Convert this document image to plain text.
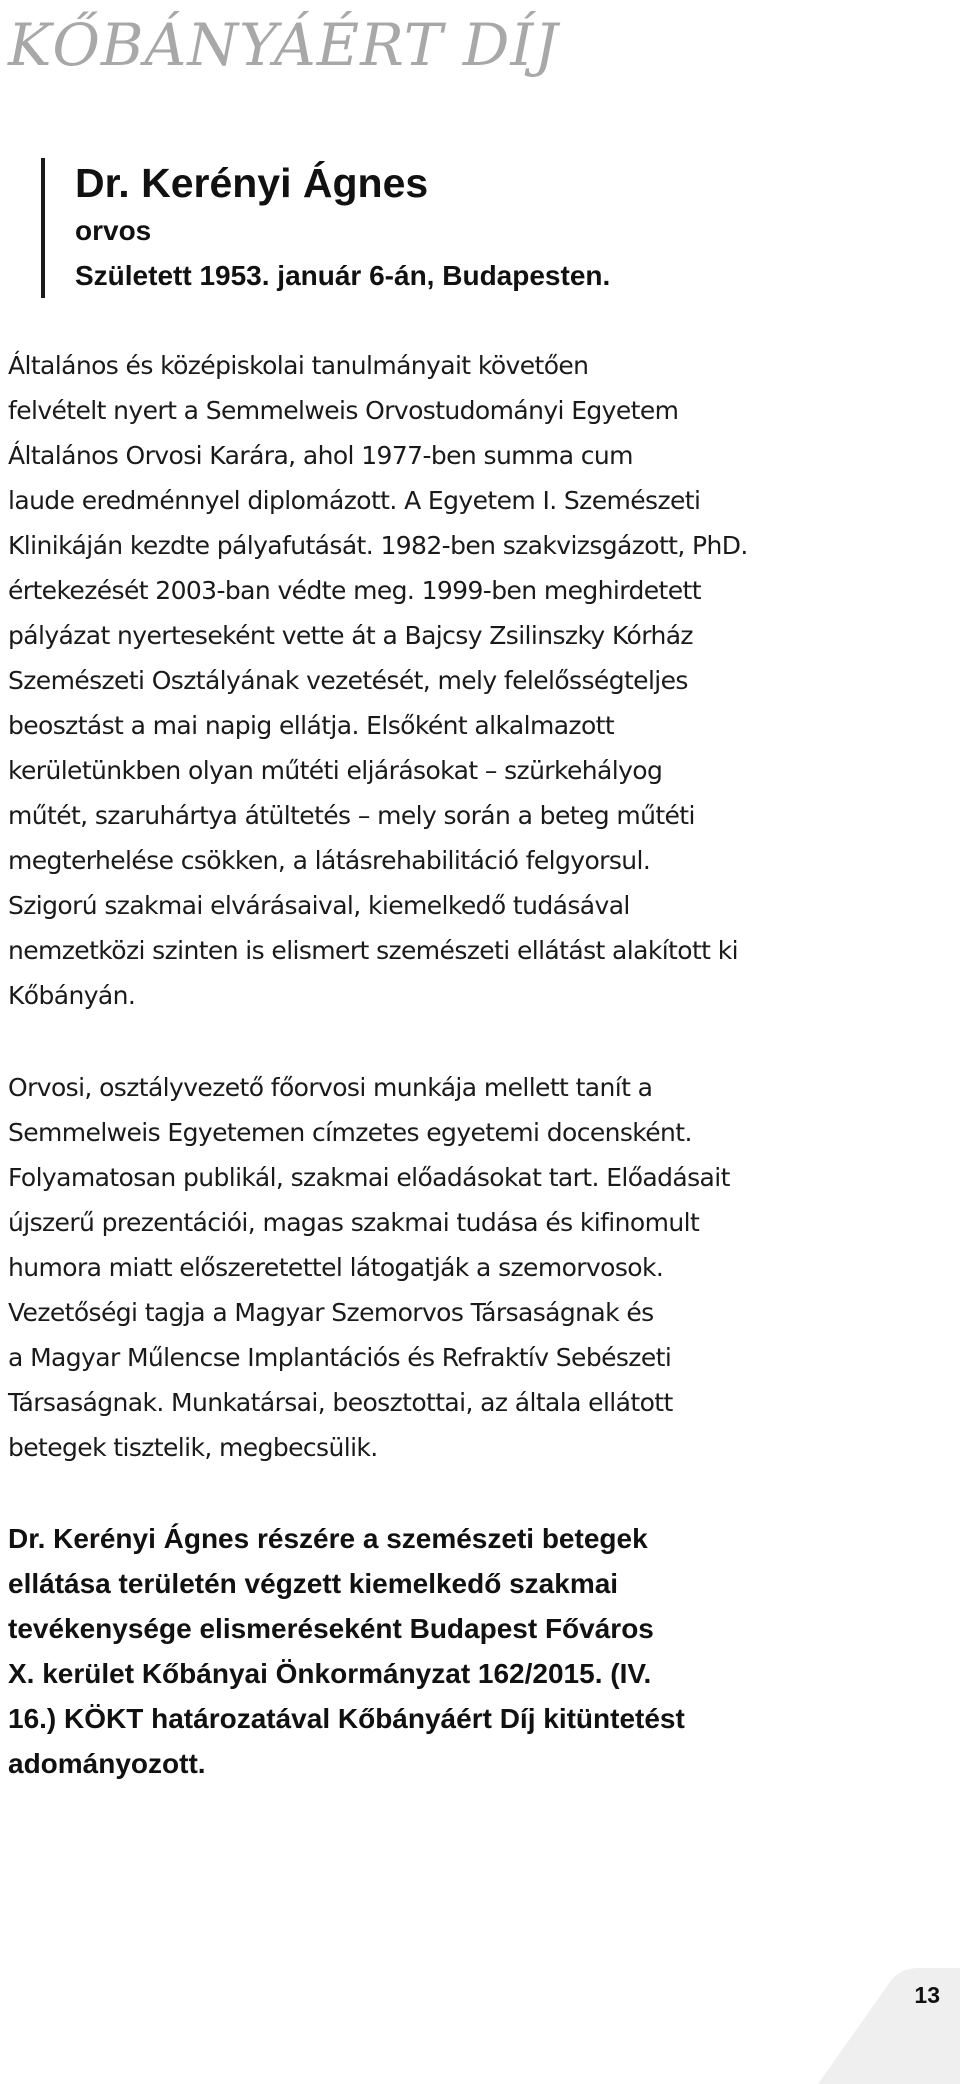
KŐBÁNYÁÉRT DÍJ
Dr. Kerényi Ágnes
orvos
Született 1953. január 6-án, Budapesten.
Általános és középiskolai tanulmányait követően
felvételt nyert a Semmelweis Orvostudományi Egyetem
Általános Orvosi Karára, ahol 1977-ben summa cum
laude eredménnyel diplomázott. A Egyetem I. Szemészeti
Klinikáján kezdte pályafutását. 1982-ben szakvizsgázott, PhD.
értekezését 2003-ban védte meg. 1999-ben meghirdetett
pályázat nyerteseként vette át a Bajcsy Zsilinszky Kórház
Szemészeti Osztályának vezetését, mely felelősségteljes
beosztást a mai napig ellátja. Elsőként alkalmazott
kerületünkben olyan műtéti eljárásokat – szürkehályog
műtét, szaruhártya átültetés – mely során a beteg műtéti
megterhelése csökken, a látásrehabilitáció felgyorsul.
Szigorú szakmai elvárásaival, kiemelkedő tudásával
nemzetközi szinten is elismert szemészeti ellátást alakított ki
Kőbányán.
Orvosi, osztályvezető főorvosi munkája mellett tanít a
Semmelweis Egyetemen címzetes egyetemi docensként.
Folyamatosan publikál, szakmai előadásokat tart. Előadásait
újszerű prezentációi, magas szakmai tudása és kifinomult
humora miatt előszeretettel látogatják a szemorvosok.
Vezetőségi tagja a Magyar Szemorvos Társaságnak és
a Magyar Műlencse Implantációs és Refraktív Sebészeti
Társaságnak. Munkatársai, beosztottai, az általa ellátott
betegek tisztelik, megbecsülik.
Dr. Kerényi Ágnes részére a szemészeti betegek
ellátása területén végzett kiemelkedő szakmai
tevékenysége elismeréseként Budapest Főváros
X. kerület Kőbányai Önkormányzat 162/2015. (IV.
16.) KÖKT határozatával Kőbányáért Díj kitüntetést
adományozott.
13
